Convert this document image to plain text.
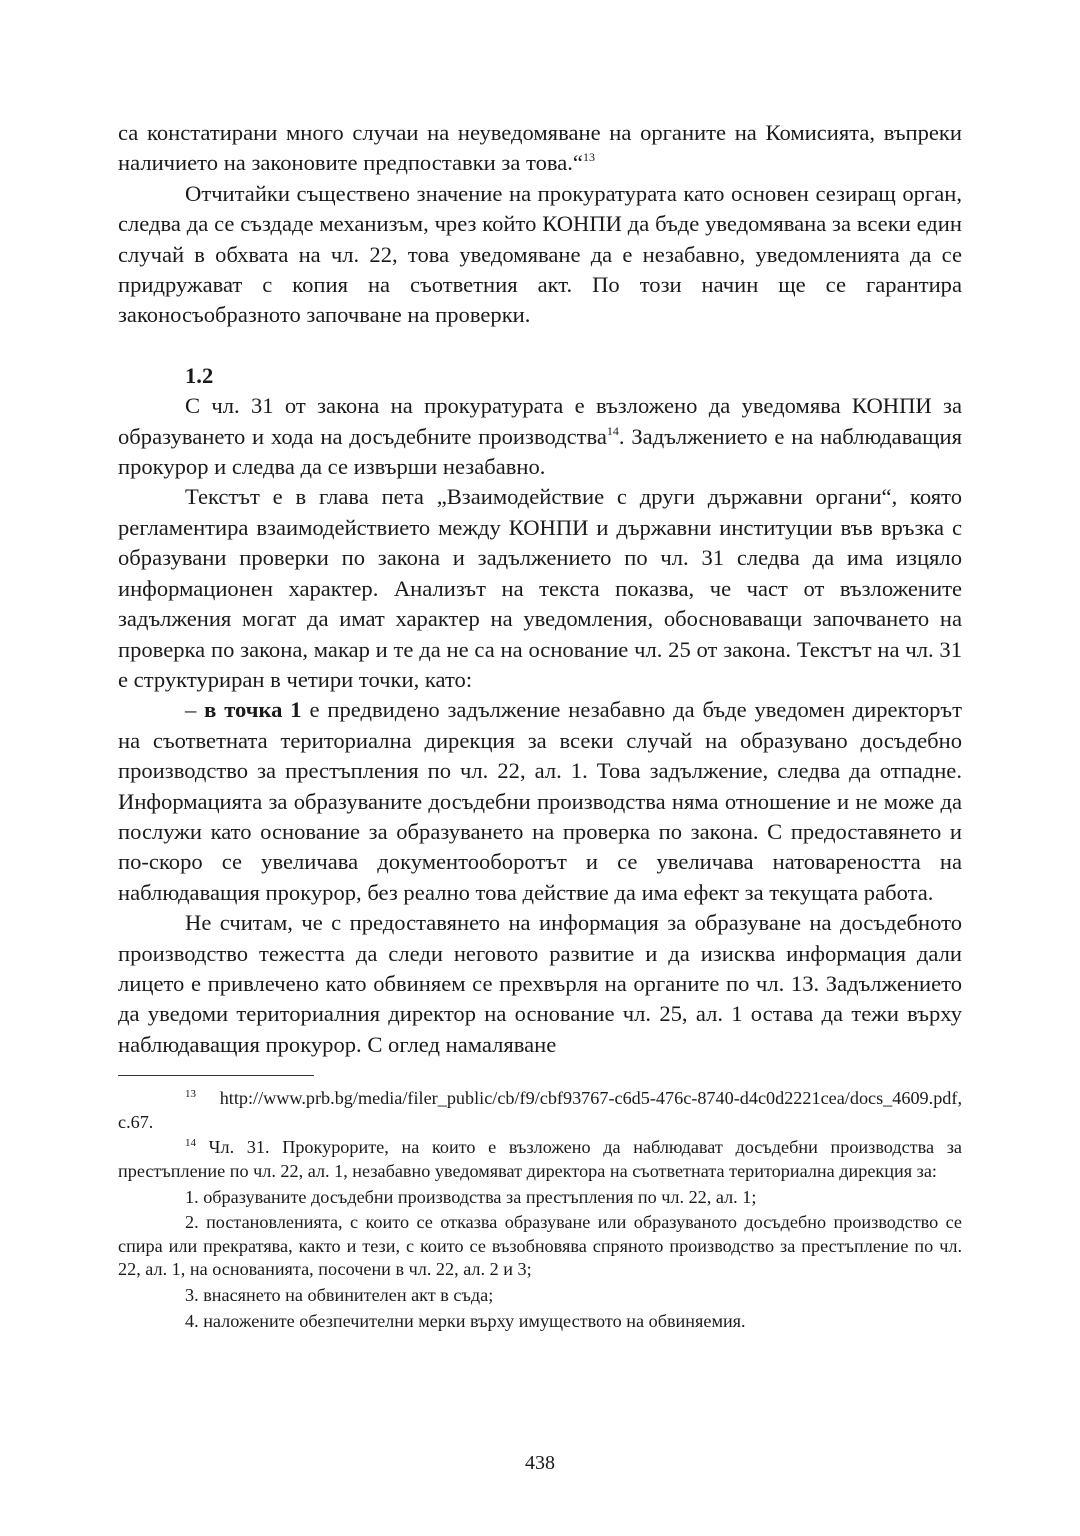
са констатирани много случаи на неуведомяване на органите на Комисията, въпреки наличието на законовите предпоставки за това.“$^{13}$

Отчитайки съществено значение на прокуратурата като основен сезиращ орган, следва да се създаде механизъм, чрез който КОНПИ да бъде уведомявана за всеки един случай в обхвата на чл. 22, това уведомяване да е незабавно, уведомленията да се придружават с копия на съответния акт. По този начин ще се гарантира законосъобразното започване на проверки.

1.2

С чл. 31 от закона на прокуратурата е възложено да уведомява КОНПИ за образуването и хода на досъдебните производства$^{14}$. Задължението е на наблюдаващия прокурор и следва да се извърши незабавно.

Текстът е в глава пета „Взаимодействие с други държавни органи“, която регламентира взаимодействието между КОНПИ и държавни институции във връзка с образувани проверки по закона и задължението по чл. 31 следва да има изцяло информационен характер. Анализът на текста показва, че част от възложените задължения могат да имат характер на уведомления, обосноваващи започването на проверка по закона, макар и те да не са на основание чл. 25 от закона. Текстът на чл. 31 е структуриран в четири точки, като:

– в точка 1 е предвидено задължение незабавно да бъде уведомен директорът на съответната териториална дирекция за всеки случай на образувано досъдебно производство за престъпления по чл. 22, ал. 1. Това задължение, следва да отпадне. Информацията за образуваните досъдебни производства няма отношение и не може да послужи като основание за образуването на проверка по закона. С предоставянето и по-скоро се увеличава документооборотът и се увеличава натовареността на наблюдаващия прокурор, без реално това действие да има ефект за текущата работа.

Не считам, че с предоставянето на информация за образуване на досъдебното производство тежестта да следи неговото развитие и да изисква информация дали лицето е привлечено като обвиняем се прехвърля на органите по чл. 13. Задължението да уведоми териториалния директор на основание чл. 25, ал. 1 остава да тежи върху наблюдаващия прокурор. С оглед намаляване

$^{13}$ http://www.prb.bg/media/filer_public/cb/f9/cbf93767-c6d5-476c-8740-d4c0d2221cea/docs_4609.pdf, с.67.

$^{14}$ Чл. 31. Прокурорите, на които е възложено да наблюдават досъдебни производства за престъпление по чл. 22, ал. 1, незабавно уведомяват директора на съответната териториална дирекция за:

1. образуваните досъдебни производства за престъпления по чл. 22, ал. 1;

2. постановленията, с които се отказва образуване или образуваното досъдебно производство се спира или прекратява, както и тези, с които се възобновява спряното производство за престъпление по чл. 22, ал. 1, на основанията, посочени в чл. 22, ал. 2 и 3;

3. внасянето на обвинителен акт в съда;

4. наложените обезпечителни мерки върху имуществото на обвиняемия.

438
